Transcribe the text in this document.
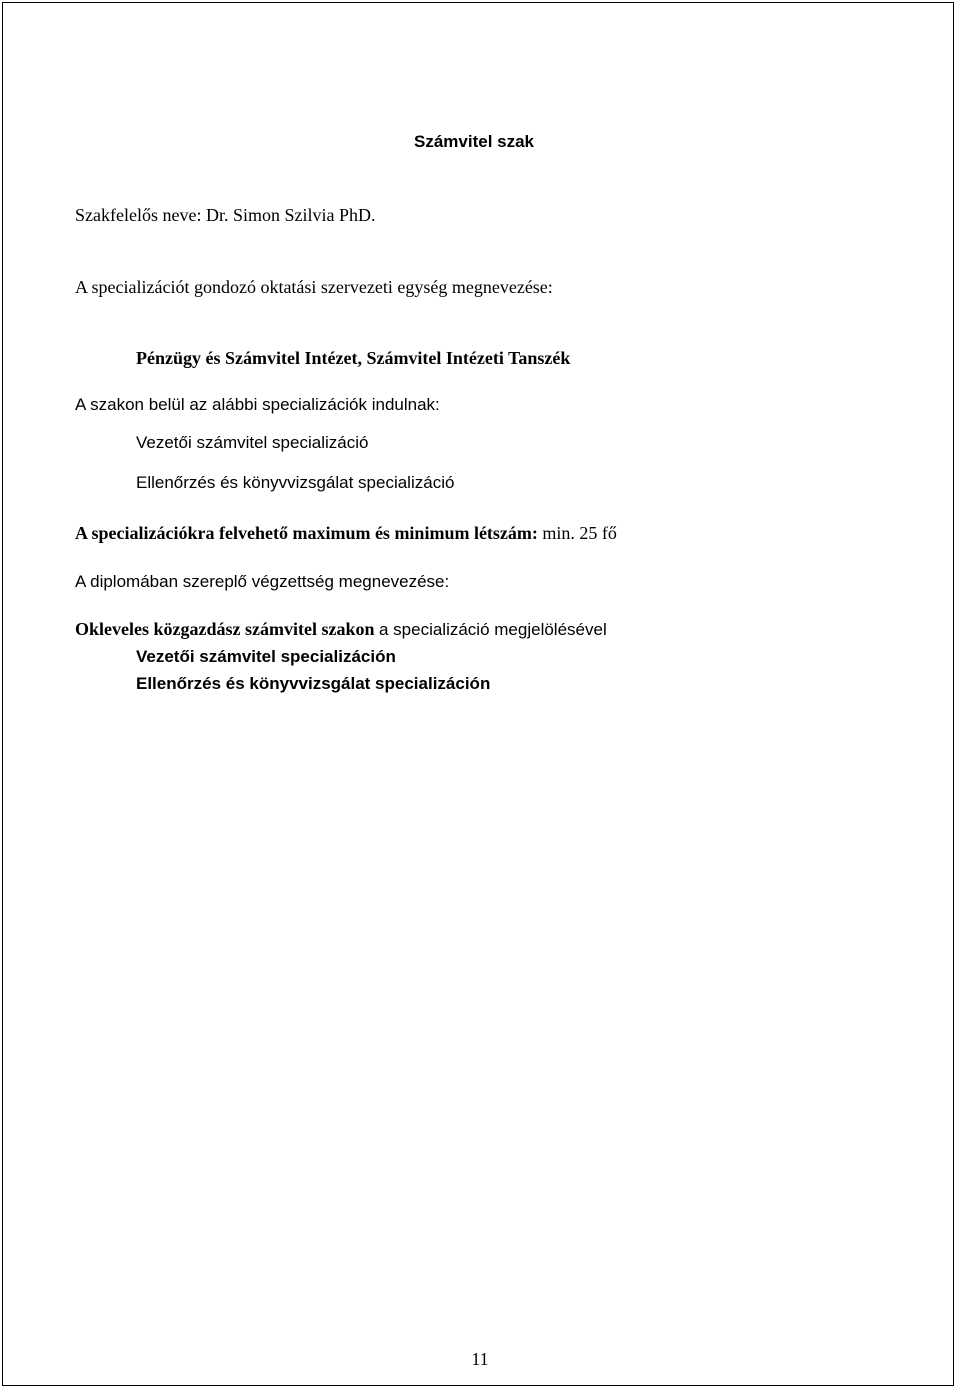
Számvitel szak
Szakfelelős neve: Dr. Simon Szilvia PhD.
A specializációt gondozó oktatási szervezeti egység megnevezése:
Pénzügy és Számvitel Intézet, Számvitel Intézeti Tanszék
A szakon belül az alábbi specializációk indulnak:
Vezetői számvitel specializáció
Ellenőrzés és könyvvizsgálat specializáció
A specializációkra felvehető maximum és minimum létszám: min. 25 fő
A diplomában szereplő végzettség megnevezése:
Okleveles közgazdász számvitel szakon a specializáció megjelölésével
Vezetői számvitel specializáción
Ellenőrzés és könyvvizsgálat specializáción
11
